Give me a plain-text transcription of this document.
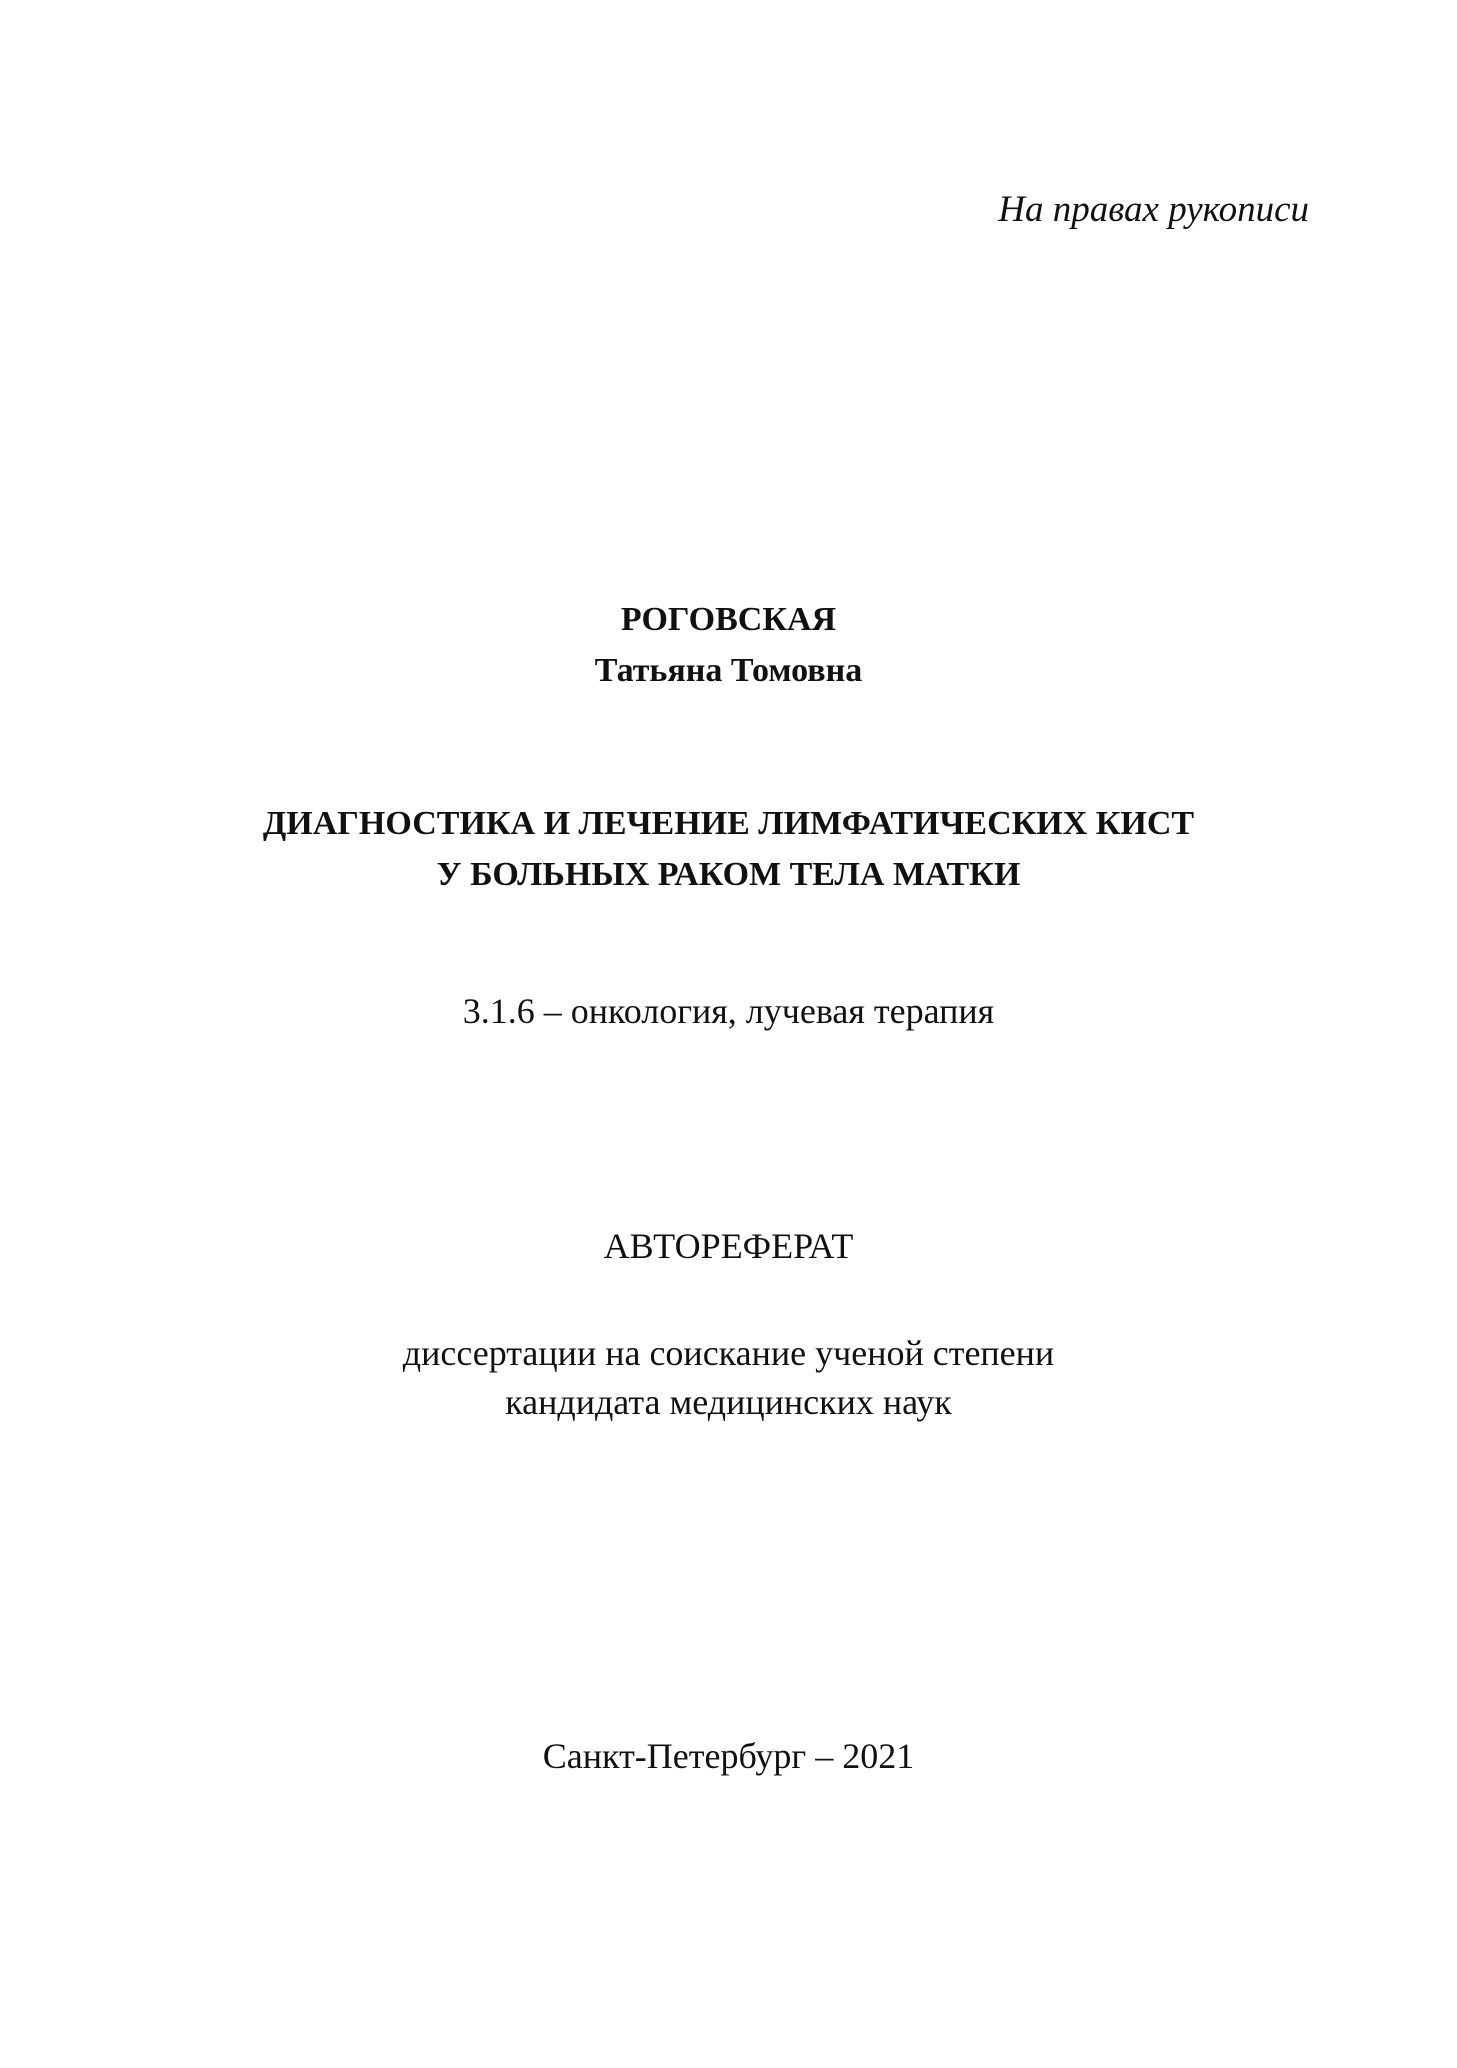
На правах рукописи

РОГОВСКАЯ

Татьяна Томовна

ДИАГНОСТИКА И ЛЕЧЕНИЕ ЛИМФАТИЧЕСКИХ КИСТ

У БОЛЬНЫХ РАКОМ ТЕЛА МАТКИ

3.1.6 – онкология, лучевая терапия

АВТОРЕФЕРАТ

диссертации на соискание ученой степени

кандидата медицинских наук

Санкт-Петербург – 2021
